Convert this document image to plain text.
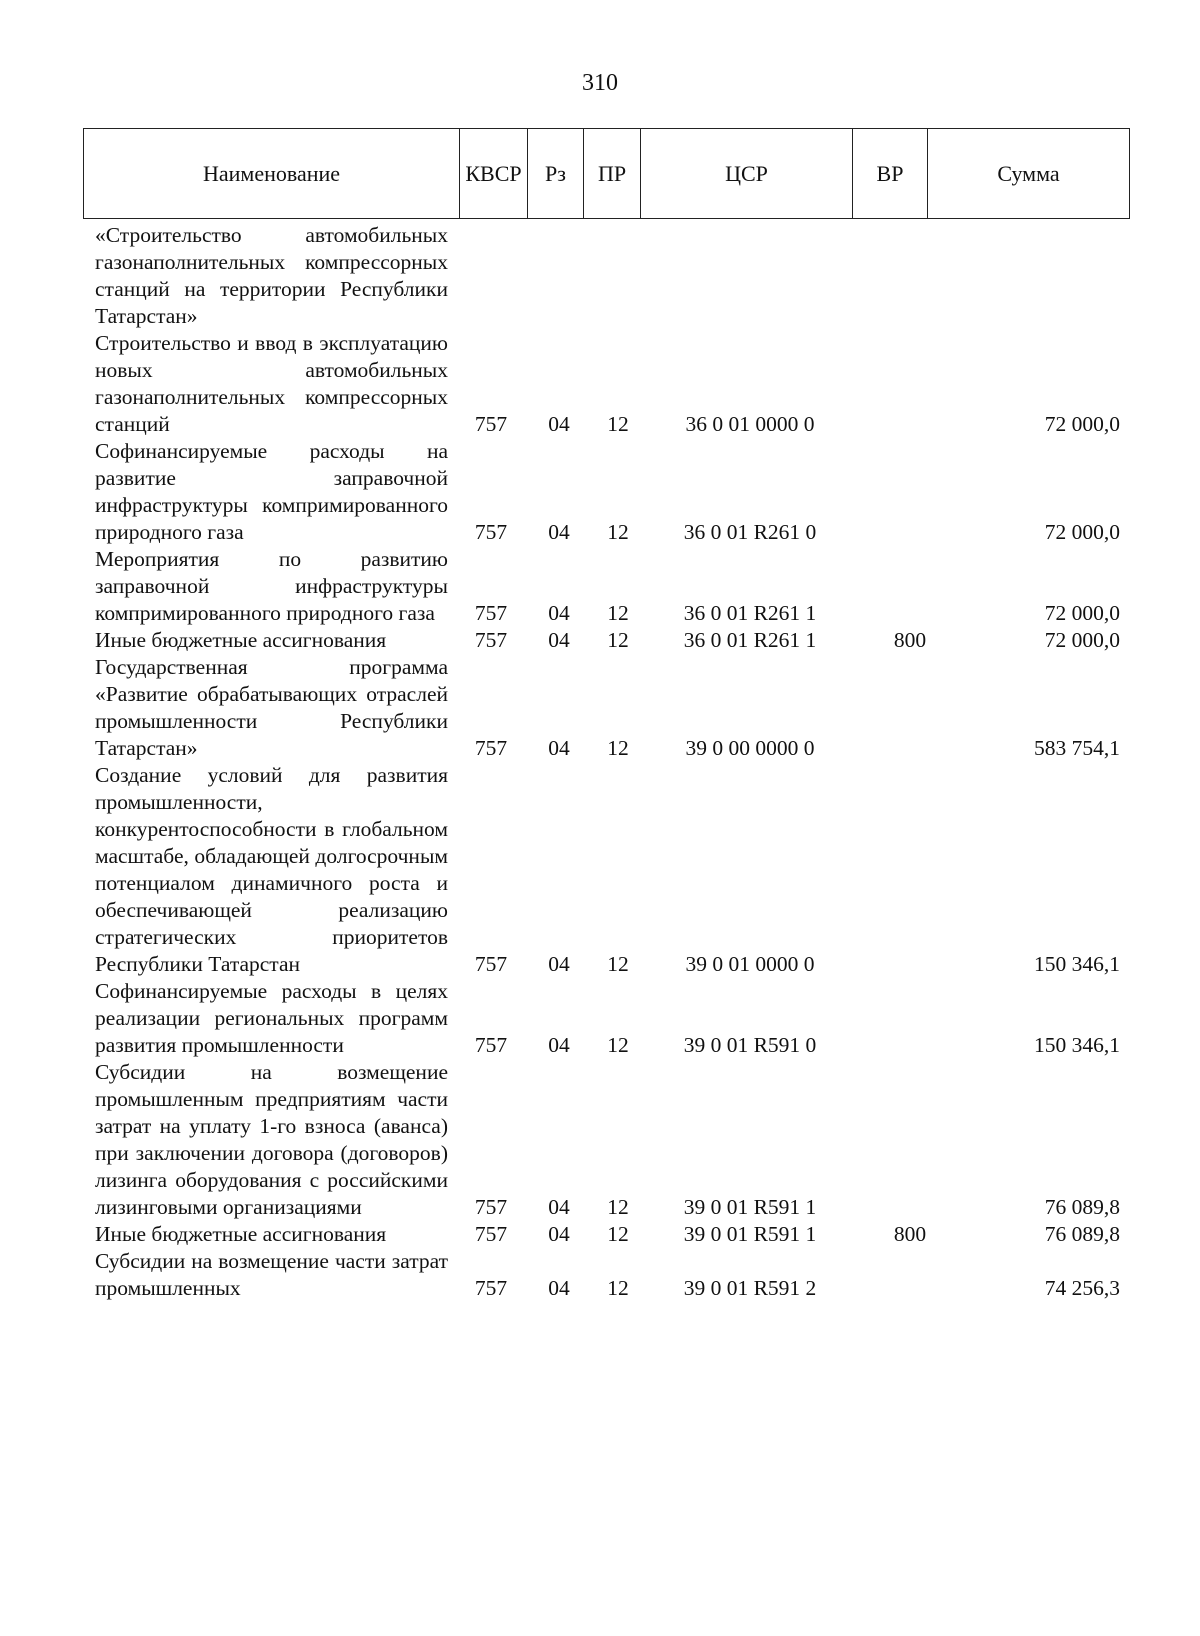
310
Наименование	КВСР	Рз	ПР	ЦСР	ВР	Сумма
«Строительство автомобильных газонаполнительных компрессорных станций на территории Республики Татарстан»
Строительство и ввод в эксплуатацию новых автомобильных газонаполнительных компрессорных станций	757	04	12	36 0 01 0000 0	72 000,0
Софинансируемые расходы на развитие заправочной инфраструктуры компримированного природного газа	757	04	12	36 0 01 R261 0	72 000,0
Мероприятия по развитию заправочной инфраструктуры компримированного природного газа	757	04	12	36 0 01 R261 1	72 000,0
Иные бюджетные ассигнования	757	04	12	36 0 01 R261 1	800	72 000,0
Государственная программа «Развитие обрабатывающих отраслей промышленности Республики Татарстан»	757	04	12	39 0 00 0000 0	583 754,1
Создание условий для развития промышленности, конкурентоспособности в глобальном масштабе, обладающей долгосрочным потенциалом динамичного роста и обеспечивающей реализацию стратегических приоритетов Республики Татарстан	757	04	12	39 0 01 0000 0	150 346,1
Софинансируемые расходы в целях реализации региональных программ развития промышленности	757	04	12	39 0 01 R591 0	150 346,1
Субсидии на возмещение промышленным предприятиям части затрат на уплату 1-го взноса (аванса) при заключении договора (договоров) лизинга оборудования с российскими лизинговыми организациями	757	04	12	39 0 01 R591 1	76 089,8
Иные бюджетные ассигнования	757	04	12	39 0 01 R591 1	800	76 089,8
Субсидии на возмещение части затрат промышленных	757	04	12	39 0 01 R591 2	74 256,3
